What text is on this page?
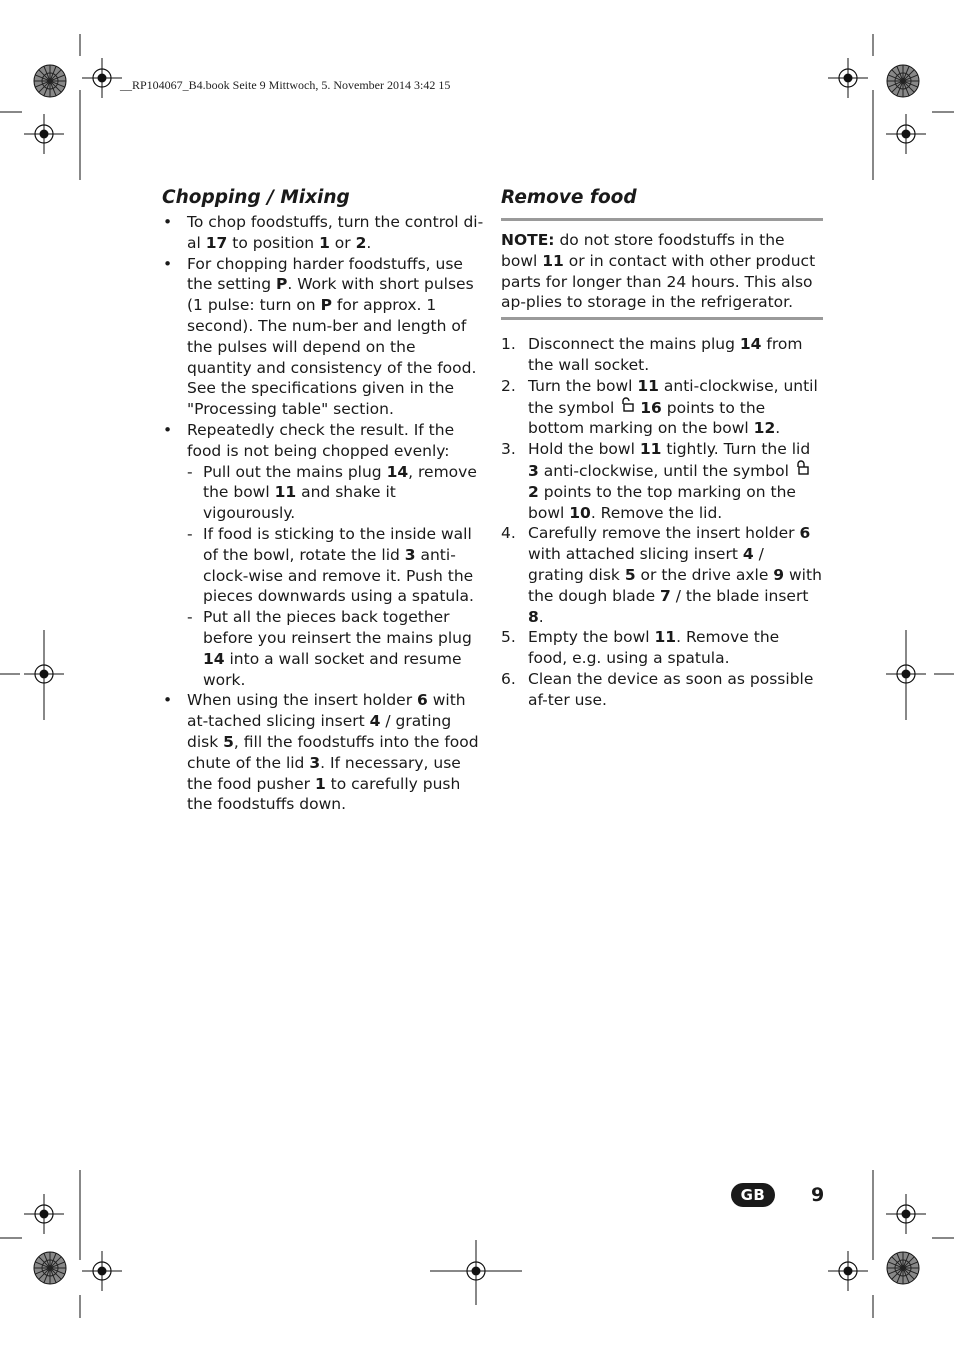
__RP104067_B4.book Seite 9 Mittwoch, 5. November 2014 3:42 15
Chopping / Mixing
• To chop foodstuffs, turn the control di-al 17 to position 1 or 2.
• For chopping harder foodstuffs, use the setting P. Work with short pulses (1 pulse: turn on P for approx. 1 second). The num-ber and length of the pulses will depend on the quantity and consistency of the food. See the specifications given in the "Processing table" section.
• Repeatedly check the result. If the food is not being chopped evenly:
- Pull out the mains plug 14, remove the bowl 11 and shake it vigourously.
- If food is sticking to the inside wall of the bowl, rotate the lid 3 anti-clock-wise and remove it. Push the pieces downwards using a spatula.
- Put all the pieces back together before you reinsert the mains plug 14 into a wall socket and resume work.
• When using the insert holder 6 with at-tached slicing insert 4 / grating disk 5, fill the foodstuffs into the food chute of the lid 3. If necessary, use the food pusher 1 to carefully push the foodstuffs down.
Remove food

NOTE: do not store foodstuffs in the bowl 11 or in contact with other product parts for longer than 24 hours. This also ap-plies to storage in the refrigerator.

1. Disconnect the mains plug 14 from the wall socket.
2. Turn the bowl 11 anti-clockwise, until the symbol  16 points to the bottom marking on the bowl 12.
3. Hold the bowl 11 tightly. Turn the lid 3 anti-clockwise, until the symbol  2 points to the top marking on the bowl 10. Remove the lid.
4. Carefully remove the insert holder 6 with attached slicing insert 4 / grating disk 5 or the drive axle 9 with the dough blade 7 / the blade insert 8.
5. Empty the bowl 11. Remove the food, e.g. using a spatula.
6. Clean the device as soon as possible af-ter use.
GB	9
